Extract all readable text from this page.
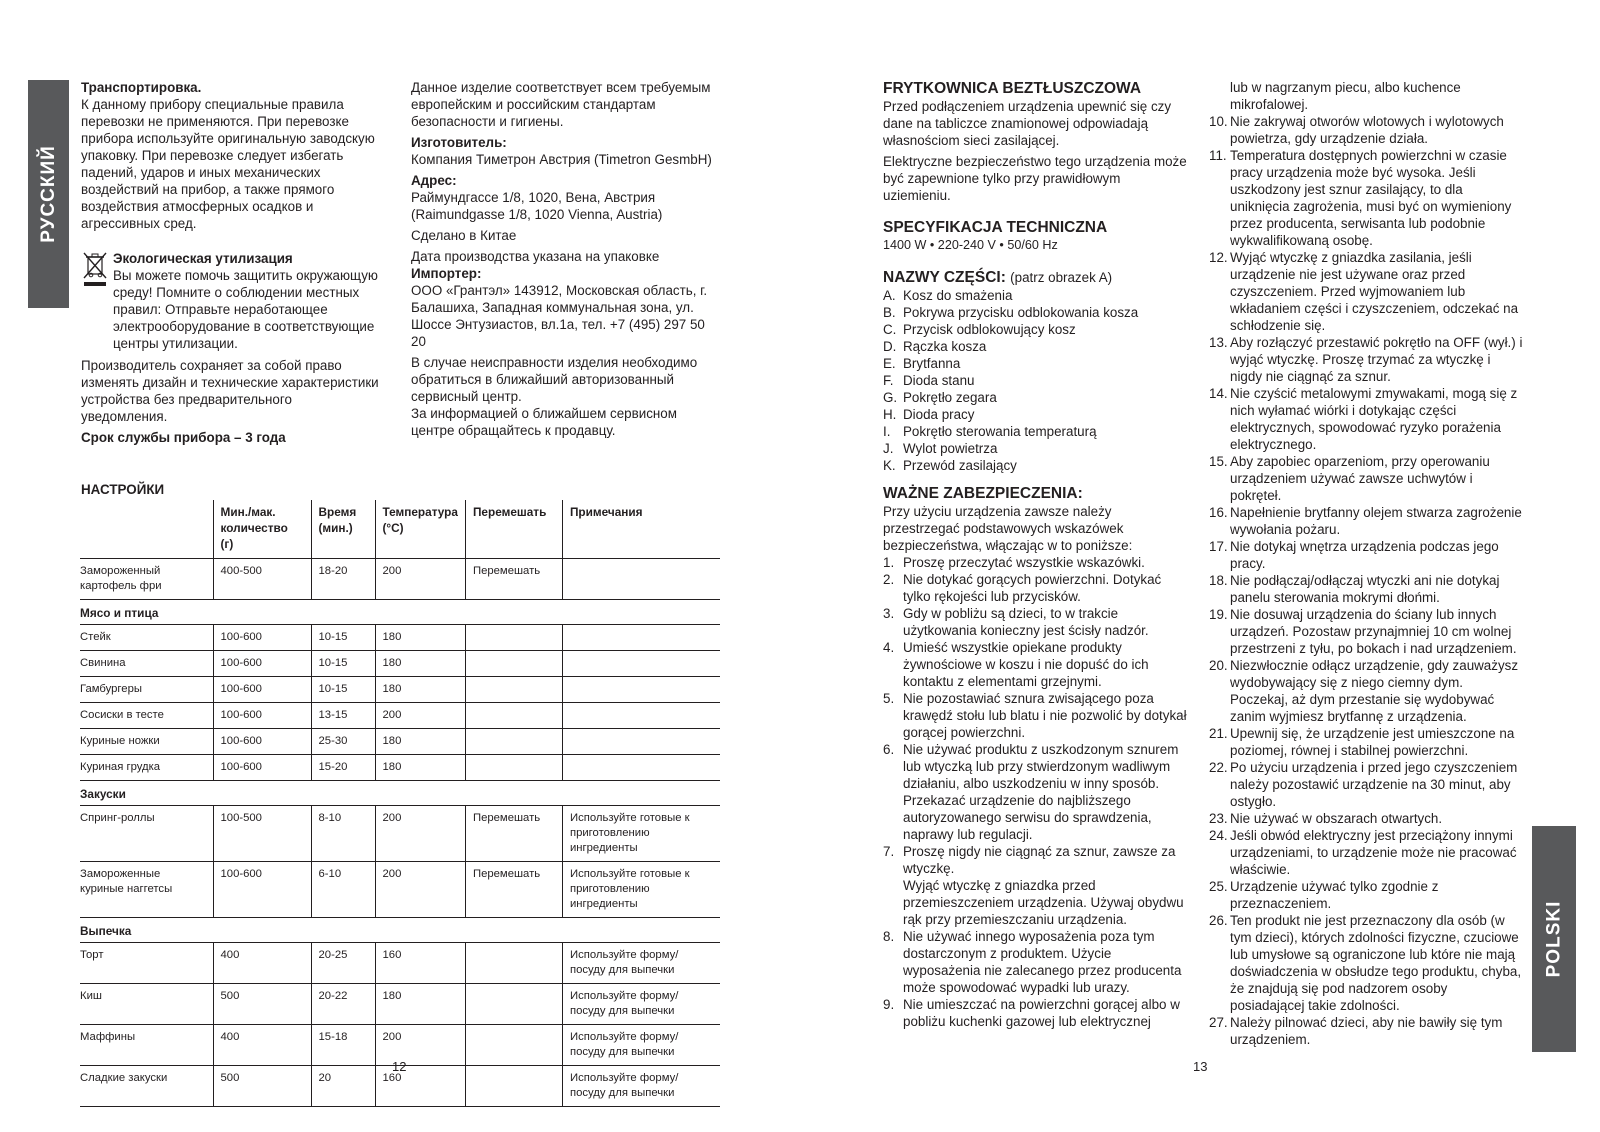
РУССКИЙ
POLSKI

Транспортировка.
К данному прибору специальные правила перевозки не применяются. При перевозке прибора используйте оригинальную заводскую упаковку. При перевозке следует избегать падений, ударов и иных механических воздействий на прибор, а также прямого воздействия атмосферных осадков и агрессивных сред.

Экологическая утилизация
Вы можете помочь защитить окружающую среду! Помните о соблюдении местных правил: Отправьте неработающее электрооборудование в соответствующие центры утилизации.

Производитель сохраняет за собой право изменять дизайн и технические характеристики устройства без предварительного уведомления.

Срок службы прибора – 3 года

Данное изделие соответствует всем требуемым европейским и российским стандартам безопасности и гигиены.

Изготовитель:

Компания Тиметрон Австрия (Timetron GesmbH)

Адрес:

Раймундгассе 1/8, 1020, Вена, Австрия (Raimundgasse 1/8, 1020 Vienna, Austria)

Сделано в Китае

Дата производства указана на упаковке
Импортер:

ООО «Грантэл» 143912, Московская область, г. Балашиха, Западная коммунальная зона, ул. Шоссе Энтузиастов, вл.1а, тел. +7 (495) 297 50 20

В случае неисправности изделия необходимо обратиться в ближайший авторизованный сервисный центр.
За информацией о ближайшем сервисном центре обращайтесь к продавцу.
НАСТРОЙКИ
	Мин./мак. количество (г)	Время (мин.)	Температура (°C)	Перемешать	Примечания
Замороженный картофель фри	400-500	18-20	200	Перемешать	
Мясо и птица					
Стейк	100-600	10-15	180		
Свинина	100-600	10-15	180		
Гамбургеры	100-600	10-15	180		
Сосиски в тесте	100-600	13-15	200		
Куриные ножки	100-600	25-30	180		
Куриная грудка	100-600	15-20	180		
Закуски					
Спринг-роллы	100-500	8-10	200	Перемешать	Используйте готовые к приготовлению ингредиенты
Замороженные куриные наггетсы	100-600	6-10	200	Перемешать	Используйте готовые к приготовлению ингредиенты
Выпечка					
Торт	400	20-25	160		Используйте форму/ посуду для выпечки
Киш	500	20-22	180		Используйте форму/ посуду для выпечки
Маффины	400	15-18	200		Используйте форму/ посуду для выпечки
Сладкие закуски	500	20	160		Используйте форму/ посуду для выпечки
12
FRYTKOWNICA BEZTŁUSZCZOWA

Przed podłączeniem urządzenia upewnić się czy dane na tabliczce znamionowej odpowiadają własnościom sieci zasilającej.

Elektryczne bezpieczeństwo tego urządzenia może być zapewnione tylko przy prawidłowym uziemieniu.

SPECYFIKACJA TECHNICZNA
1400 W • 220-240 V • 50/60 Hz
NAZWY CZĘŚCI: (patrz obrazek A)
A. Kosz do smażenia
B. Pokrywa przycisku odblokowania kosza
C. Przycisk odblokowujący kosz
D. Rączka kosza
E. Brytfanna
F. Dioda stanu
G. Pokrętło zegara
H. Dioda pracy
I. Pokrętło sterowania temperaturą
J. Wylot powietrza
K. Przewód zasilający
WAŻNE ZABEZPIECZENIA:
Przy użyciu urządzenia zawsze należy przestrzegać podstawowych wskazówek bezpieczeństwa, włączając w to poniższe:
1. Proszę przeczytać wszystkie wskazówki.
2. Nie dotykać gorących powierzchni. Dotykać tylko rękojeści lub przycisków.
3. Gdy w pobliżu są dzieci, to w trakcie użytkowania konieczny jest ścisły nadzór.
4. Umieść wszystkie opiekane produkty żywnościowe w koszu i nie dopuść do ich kontaktu z elementami grzejnymi.
5. Nie pozostawiać sznura zwisającego poza krawędź stołu lub blatu i nie pozwolić by dotykał gorącej powierzchni.
6. Nie używać produktu z uszkodzonym sznurem lub wtyczką lub przy stwierdzonym wadliwym działaniu, albo uszkodzeniu w inny sposób. Przekazać urządzenie do najbliższego autoryzowanego serwisu do sprawdzenia, naprawy lub regulacji.
7. Proszę nigdy nie ciągnąć za sznur, zawsze za wtyczkę.
Wyjąć wtyczkę z gniazdka przed przemieszczeniem urządzenia. Używaj obydwu rąk przy przemieszczaniu urządzenia.
8. Nie używać innego wyposażenia poza tym dostarczonym z produktem. Użycie wyposażenia nie zalecanego przez producenta może spowodować wypadki lub urazy.
9. Nie umieszczać na powierzchni gorącej albo w pobliżu kuchenki gazowej lub elektrycznej
lub w nagrzanym piecu, albo kuchence mikrofalowej.
10. Nie zakrywaj otworów wlotowych i wylotowych powietrza, gdy urządzenie działa.
11. Temperatura dostępnych powierzchni w czasie pracy urządzenia może być wysoka. Jeśli uszkodzony jest sznur zasilający, to dla uniknięcia zagrożenia, musi być on wymieniony przez producenta, serwisanta lub podobnie wykwalifikowaną osobę.
12. Wyjąć wtyczkę z gniazdka zasilania, jeśli urządzenie nie jest używane oraz przed czyszczeniem. Przed wyjmowaniem lub wkładaniem części i czyszczeniem, odczekać na schłodzenie się.
13. Aby rozłączyć przestawić pokrętło na OFF (wył.) i wyjąć wtyczkę. Proszę trzymać za wtyczkę i nigdy nie ciągnąć za sznur.
14. Nie czyścić metalowymi zmywakami, mogą się z nich wyłamać wiórki i dotykając części elektrycznych, spowodować ryzyko porażenia elektrycznego.
15. Aby zapobiec oparzeniom, przy operowaniu urządzeniem używać zawsze uchwytów i pokręteł.
16. Napełnienie brytfanny olejem stwarza zagrożenie wywołania pożaru.
17. Nie dotykaj wnętrza urządzenia podczas jego pracy.
18. Nie podłączaj/odłączaj wtyczki ani nie dotykaj panelu sterowania mokrymi dłońmi.
19. Nie dosuwaj urządzenia do ściany lub innych urządzeń. Pozostaw przynajmniej 10 cm wolnej przestrzeni z tyłu, po bokach i nad urządzeniem.
20. Niezwłocznie odłącz urządzenie, gdy zauważysz wydobywający się z niego ciemny dym. Poczekaj, aż dym przestanie się wydobywać zanim wyjmiesz brytfannę z urządzenia.
21. Upewnij się, że urządzenie jest umieszczone na poziomej, równej i stabilnej powierzchni.
22. Po użyciu urządzenia i przed jego czyszczeniem należy pozostawić urządzenie na 30 minut, aby ostygło.
23. Nie używać w obszarach otwartych.
24. Jeśli obwód elektryczny jest przeciążony innymi urządzeniami, to urządzenie może nie pracować właściwie.
25. Urządzenie używać tylko zgodnie z przeznaczeniem.
26. Ten produkt nie jest przeznaczony dla osób (w tym dzieci), których zdolności fizyczne, czuciowe lub umysłowe są ograniczone lub które nie mają doświadczenia w obsłudze tego produktu, chyba, że znajdują się pod nadzorem osoby posiadającej takie zdolności.
27. Należy pilnować dzieci, aby nie bawiły się tym urządzeniem.
13
